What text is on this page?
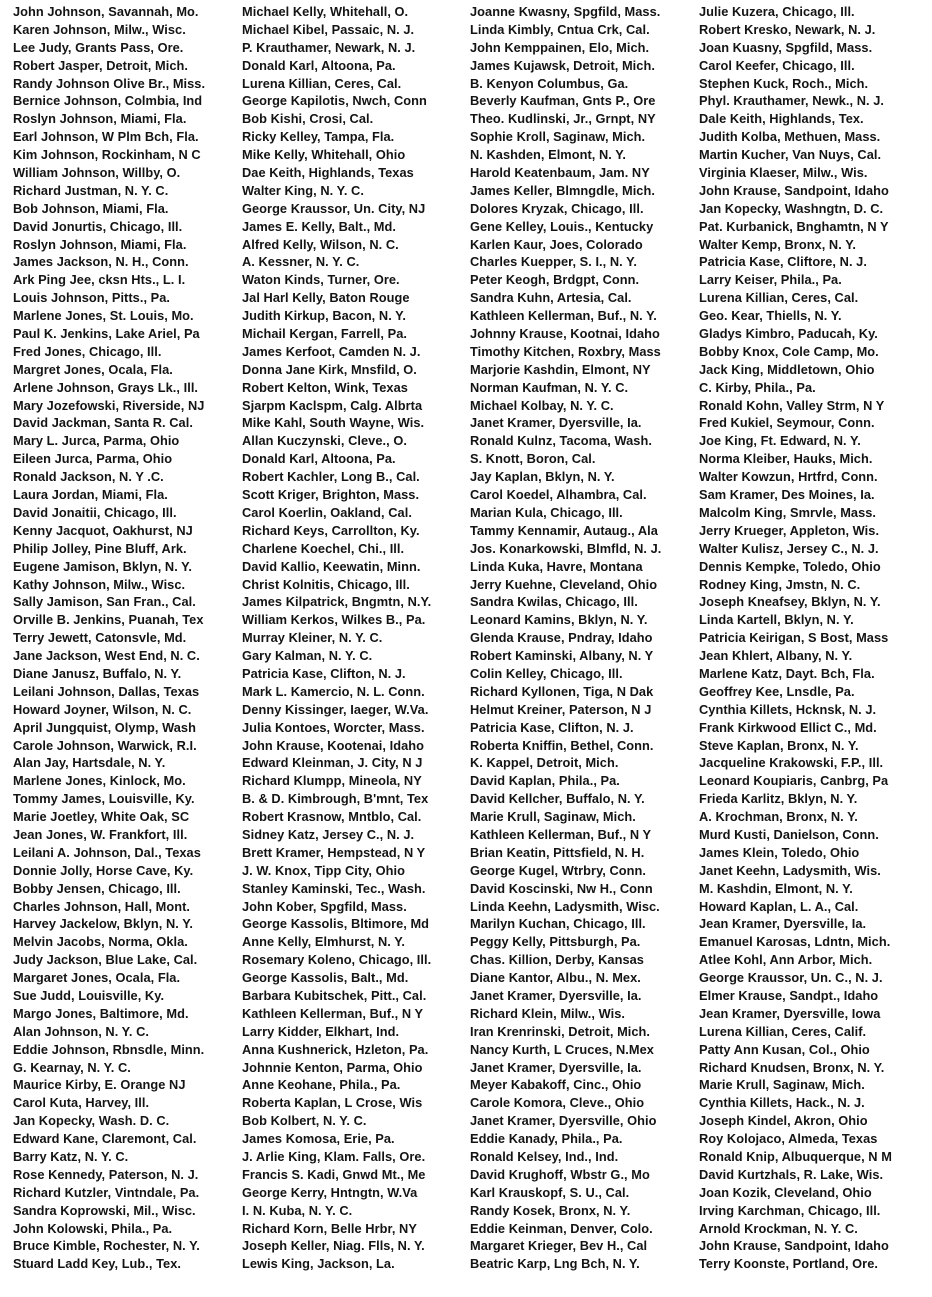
John Johnson, Savannah, Mo.
Karen Johnson, Milw., Wisc.
Lee Judy, Grants Pass, Ore.
Robert Jasper, Detroit, Mich.
Randy Johnson Olive Br., Miss.
Bernice Johnson, Colmbia, Ind
Roslyn Johnson, Miami, Fla.
Earl Johnson, W Plm Bch, Fla.
Kim Johnson, Rockinham, N C
William Johnson, Willby, O.
Richard Justman, N. Y. C.
Bob Johnson, Miami, Fla.
David Jonurtis, Chicago, Ill.
Roslyn Johnson, Miami, Fla.
James Jackson, N. H., Conn.
Ark Ping Jee, cksn Hts., L. I.
Louis Johnson, Pitts., Pa.
Marlene Jones, St. Louis, Mo.
Paul K. Jenkins, Lake Ariel, Pa
Fred Jones, Chicago, Ill.
Margret Jones, Ocala, Fla.
Arlene Johnson, Grays Lk., Ill.
Mary Jozefowski, Riverside, NJ
David Jackman, Santa R. Cal.
Mary L. Jurca, Parma, Ohio
Eileen Jurca, Parma, Ohio
Ronald Jackson, N. Y .C.
Laura Jordan, Miami, Fla.
David Jonaitii, Chicago, Ill.
Kenny Jacquot, Oakhurst, NJ
Philip Jolley, Pine Bluff, Ark.
Eugene Jamison, Bklyn, N. Y.
Kathy Johnson, Milw., Wisc.
Sally Jamison, San Fran., Cal.
Orville B. Jenkins, Puanah, Tex
Terry Jewett, Catonsvle, Md.
Jane Jackson, West End, N. C.
Diane Janusz, Buffalo, N. Y.
Leilani Johnson, Dallas, Texas
Howard Joyner, Wilson, N. C.
April Jungquist, Olymp, Wash
Carole Johnson, Warwick, R.I.
Alan Jay, Hartsdale, N. Y.
Marlene Jones, Kinlock, Mo.
Tommy James, Louisville, Ky.
Marie Joetley, White Oak, SC
Jean Jones, W. Frankfort, Ill.
Leilani A. Johnson, Dal., Texas
Donnie Jolly, Horse Cave, Ky.
Bobby Jensen, Chicago, Ill.
Charles Johnson, Hall, Mont.
Harvey Jackelow, Bklyn, N. Y.
Melvin Jacobs, Norma, Okla.
Judy Jackson, Blue Lake, Cal.
Margaret Jones, Ocala, Fla.
Sue Judd, Louisville, Ky.
Margo Jones, Baltimore, Md.
Alan Johnson, N. Y. C.
Eddie Johnson, Rbnsdle, Minn.
G. Kearnay, N. Y. C.
Maurice Kirby, E. Orange NJ
Carol Kuta, Harvey, Ill.
Jan Kopecky, Wash. D. C.
Edward Kane, Claremont, Cal.
Barry Katz, N. Y. C.
Rose Kennedy, Paterson, N. J.
Richard Kutzler, Vintndale, Pa.
Sandra Koprowski, Mil., Wisc.
John Kolowski, Phila., Pa.
Bruce Kimble, Rochester, N. Y.
Stuard Ladd Key, Lub., Tex.
Michael Kelly, Whitehall, O.
Michael Kibel, Passaic, N. J.
P. Krauthamer, Newark, N. J.
Donald Karl, Altoona, Pa.
Lurena Killian, Ceres, Cal.
George Kapilotis, Nwch, Conn
Bob Kishi, Crosi, Cal.
Ricky Kelley, Tampa, Fla.
Mike Kelly, Whitehall, Ohio
Dae Keith, Highlands, Texas
Walter King, N. Y. C.
George Kraussor, Un. City, NJ
James E. Kelly, Balt., Md.
Alfred Kelly, Wilson, N. C.
A. Kessner, N. Y. C.
Waton Kinds, Turner, Ore.
Jal Harl Kelly, Baton Rouge
Judith Kirkup, Bacon, N. Y.
Michail Kergan, Farrell, Pa.
James Kerfoot, Camden N. J.
Donna Jane Kirk, Mnsfild, O.
Robert Kelton, Wink, Texas
Sjarpm Kaclspm, Calg. Albrta
Mike Kahl, South Wayne, Wis.
Allan Kuczynski, Cleve., O.
Donald Karl, Altoona, Pa.
Robert Kachler, Long B., Cal.
Scott Kriger, Brighton, Mass.
Carol Koerlin, Oakland, Cal.
Richard Keys, Carrollton, Ky.
Charlene Koechel, Chi., Ill.
David Kallio, Keewatin, Minn.
Christ Kolnitis, Chicago, Ill.
James Kilpatrick, Bngmtn, N.Y.
William Kerkos, Wilkes B., Pa.
Murray Kleiner, N. Y. C.
Gary Kalman, N. Y. C.
Patricia Kase, Clifton, N. J.
Mark L. Kamercio, N. L. Conn.
Denny Kissinger, Iaeger, W.Va.
Julia Kontoes, Worcter, Mass.
John Krause, Kootenai, Idaho
Edward Kleinman, J. City, N J
Richard Klumpp, Mineola, NY
B. & D. Kimbrough, B'mnt, Tex
Robert Krasnow, Mntblo, Cal.
Sidney Katz, Jersey C., N. J.
Brett Kramer, Hempstead, N Y
J. W. Knox, Tipp City, Ohio
Stanley Kaminski, Tec., Wash.
John Kober, Spgfild, Mass.
George Kassolis, Bltimore, Md
Anne Kelly, Elmhurst, N. Y.
Rosemary Koleno, Chicago, Ill.
George Kassolis, Balt., Md.
Barbara Kubitschek, Pitt., Cal.
Kathleen Kellerman, Buf., N Y
Larry Kidder, Elkhart, Ind.
Anna Kushnerick, Hzleton, Pa.
Johnnie Kenton, Parma, Ohio
Anne Keohane, Phila., Pa.
Roberta Kaplan, L Crose, Wis
Bob Kolbert, N. Y. C.
James Komosa, Erie, Pa.
J. Arlie King, Klam. Falls, Ore.
Francis S. Kadi, Gnwd Mt., Me
George Kerry, Hntngtn, W.Va
I. N. Kuba, N. Y. C.
Richard Korn, Belle Hrbr, NY
Joseph Keller, Niag. Flls, N. Y.
Lewis King, Jackson, La.
Joanne Kwasny, Spgfild, Mass.
Linda Kimbly, Cntua Crk, Cal.
John Kemppainen, Elo, Mich.
James Kujawsk, Detroit, Mich.
B. Kenyon Columbus, Ga.
Beverly Kaufman, Gnts P., Ore
Theo. Kudlinski, Jr., Grnpt, NY
Sophie Kroll, Saginaw, Mich.
N. Kashden, Elmont, N. Y.
Harold Keatenbaum, Jam. NY
James Keller, Blmngdle, Mich.
Dolores Kryzak, Chicago, Ill.
Gene Kelley, Louis., Kentucky
Karlen Kaur, Joes, Colorado
Charles Kuepper, S. I., N. Y.
Peter Keogh, Brdgpt, Conn.
Sandra Kuhn, Artesia, Cal.
Kathleen Kellerman, Buf., N. Y.
Johnny Krause, Kootnai, Idaho
Timothy Kitchen, Roxbry, Mass
Marjorie Kashdin, Elmont, NY
Norman Kaufman, N. Y. C.
Michael Kolbay, N. Y. C.
Janet Kramer, Dyersville, Ia.
Ronald Kulnz, Tacoma, Wash.
S. Knott, Boron, Cal.
Jay Kaplan, Bklyn, N. Y.
Carol Koedel, Alhambra, Cal.
Marian Kula, Chicago, Ill.
Tammy Kennamir, Autaug., Ala
Jos. Konarkowski, Blmfld, N. J.
Linda Kuka, Havre, Montana
Jerry Kuehne, Cleveland, Ohio
Sandra Kwilas, Chicago, Ill.
Leonard Kamins, Bklyn, N. Y.
Glenda Krause, Pndray, Idaho
Robert Kaminski, Albany, N. Y
Colin Kelley, Chicago, Ill.
Richard Kyllonen, Tiga, N Dak
Helmut Kreiner, Paterson, N J
Patricia Kase, Clifton, N. J.
Roberta Kniffin, Bethel, Conn.
K. Kappel, Detroit, Mich.
David Kaplan, Phila., Pa.
David Kellcher, Buffalo, N. Y.
Marie Krull, Saginaw, Mich.
Kathleen Kellerman, Buf., N Y
Brian Keatin, Pittsfield, N. H.
George Kugel, Wtrbry, Conn.
David Koscinski, Nw H., Conn
Linda Keehn, Ladysmith, Wisc.
Marilyn Kuchan, Chicago, Ill.
Peggy Kelly, Pittsburgh, Pa.
Chas. Killion, Derby, Kansas
Diane Kantor, Albu., N. Mex.
Janet Kramer, Dyersville, Ia.
Richard Klein, Milw., Wis.
Iran Krenrinski, Detroit, Mich.
Nancy Kurth, L Cruces, N.Mex
Janet Kramer, Dyersville, Ia.
Meyer Kabakoff, Cinc., Ohio
Carole Komora, Cleve., Ohio
Janet Kramer, Dyersville, Ohio
Eddie Kanady, Phila., Pa.
Ronald Kelsey, Ind., Ind.
David Krughoff, Wbstr G., Mo
Karl Krauskopf, S. U., Cal.
Randy Kosek, Bronx, N. Y.
Eddie Keinman, Denver, Colo.
Margaret Krieger, Bev H., Cal
Beatric Karp, Lng Bch, N. Y.
Julie Kuzera, Chicago, Ill.
Robert Kresko, Newark, N. J.
Joan Kuasny, Spgfild, Mass.
Carol Keefer, Chicago, Ill.
Stephen Kuck, Roch., Mich.
Phyl. Krauthamer, Newk., N. J.
Dale Keith, Highlands, Tex.
Judith Kolba, Methuen, Mass.
Martin Kucher, Van Nuys, Cal.
Virginia Klaeser, Milw., Wis.
John Krause, Sandpoint, Idaho
Jan Kopecky, Washngtn, D. C.
Pat. Kurbanick, Bnghamtn, N Y
Walter Kemp, Bronx, N. Y.
Patricia Kase, Cliftore, N. J.
Larry Keiser, Phila., Pa.
Lurena Killian, Ceres, Cal.
Geo. Kear, Thiells, N. Y.
Gladys Kimbro, Paducah, Ky.
Bobby Knox, Cole Camp, Mo.
Jack King, Middletown, Ohio
C. Kirby, Phila., Pa.
Ronald Kohn, Valley Strm, N Y
Fred Kukiel, Seymour, Conn.
Joe King, Ft. Edward, N. Y.
Norma Kleiber, Hauks, Mich.
Walter Kowzun, Hrtfrd, Conn.
Sam Kramer, Des Moines, Ia.
Malcolm King, Smrvle, Mass.
Jerry Krueger, Appleton, Wis.
Walter Kulisz, Jersey C., N. J.
Dennis Kempke, Toledo, Ohio
Rodney King, Jmstn, N. C.
Joseph Kneafsey, Bklyn, N. Y.
Linda Kartell, Bklyn, N. Y.
Patricia Keirigan, S Bost, Mass
Jean Khlert, Albany, N. Y.
Marlene Katz, Dayt. Bch, Fla.
Geoffrey Kee, Lnsdle, Pa.
Cynthia Killets, Hcknsk, N. J.
Frank Kirkwood Ellict C., Md.
Steve Kaplan, Bronx, N. Y.
Jacqueline Krakowski, F.P., Ill.
Leonard Koupiaris, Canbrg, Pa
Frieda Karlitz, Bklyn, N. Y.
A. Krochman, Bronx, N. Y.
Murd Kusti, Danielson, Conn.
James Klein, Toledo, Ohio
Janet Keehn, Ladysmith, Wis.
M. Kashdin, Elmont, N. Y.
Howard Kaplan, L. A., Cal.
Jean Kramer, Dyersville, Ia.
Emanuel Karosas, Ldntn, Mich.
Atlee Kohl, Ann Arbor, Mich.
George Kraussor, Un. C., N. J.
Elmer Krause, Sandpt., Idaho
Jean Kramer, Dyersville, Iowa
Lurena Killian, Ceres, Calif.
Patty Ann Kusan, Col., Ohio
Richard Knudsen, Bronx, N. Y.
Marie Krull, Saginaw, Mich.
Cynthia Killets, Hack., N. J.
Joseph Kindel, Akron, Ohio
Roy Kolojaco, Almeda, Texas
Ronald Knip, Albuquerque, N M
David Kurtzhals, R. Lake, Wis.
Joan Kozik, Cleveland, Ohio
Irving Karchman, Chicago, Ill.
Arnold Krockman, N. Y. C.
John Krause, Sandpoint, Idaho
Terry Koonste, Portland, Ore.
